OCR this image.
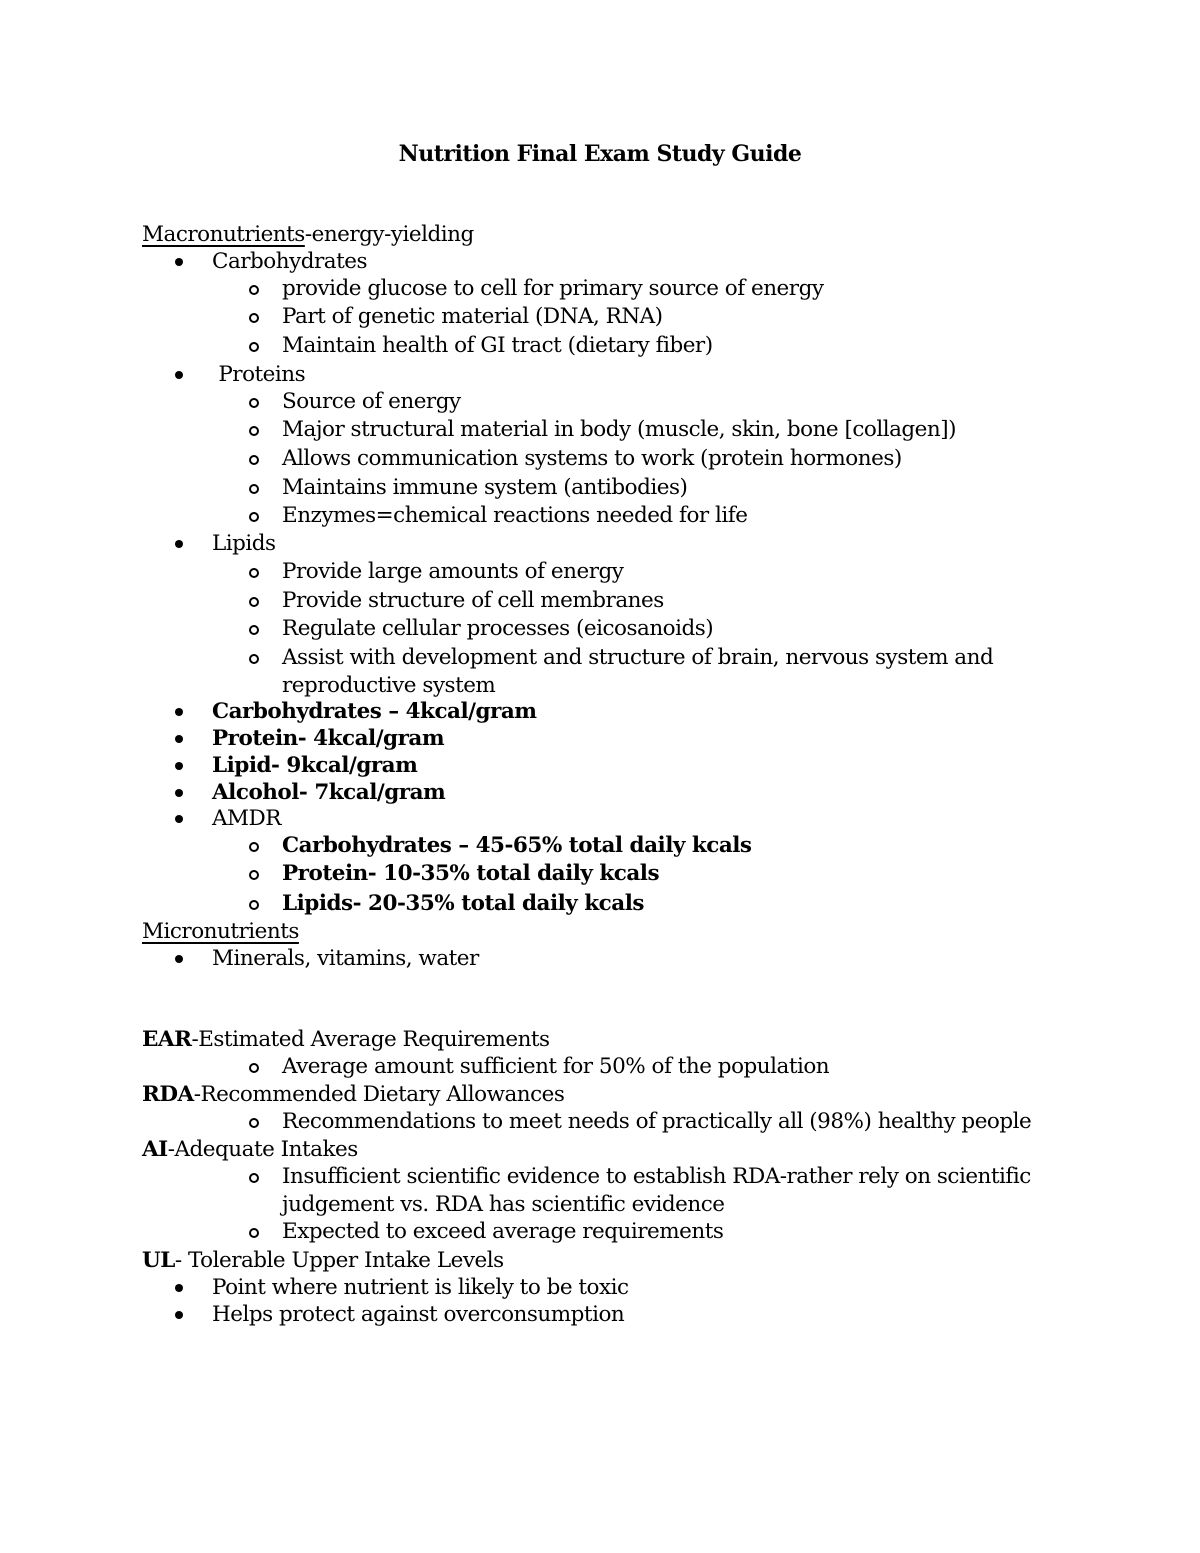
Nutrition Final Exam Study Guide
Macronutrients-energy-yielding
Carbohydrates
provide glucose to cell for primary source of energy
Part of genetic material (DNA, RNA)
Maintain health of GI tract (dietary fiber)
Proteins
Source of energy
Major structural material in body (muscle, skin, bone [collagen])
Allows communication systems to work (protein hormones)
Maintains immune system (antibodies)
Enzymes=chemical reactions needed for life
Lipids
Provide large amounts of energy
Provide structure of cell membranes
Regulate cellular processes (eicosanoids)
Assist with development and structure of brain, nervous system and
reproductive system
Carbohydrates – 4kcal/gram
Protein- 4kcal/gram
Lipid- 9kcal/gram
Alcohol- 7kcal/gram
AMDR
Carbohydrates – 45-65% total daily kcals
Protein- 10-35% total daily kcals
Lipids- 20-35% total daily kcals
Micronutrients
Minerals, vitamins, water
EAR-Estimated Average Requirements
Average amount sufficient for 50% of the population
RDA-Recommended Dietary Allowances
Recommendations to meet needs of practically all (98%) healthy people
AI-Adequate Intakes
Insufficient scientific evidence to establish RDA-rather rely on scientific
judgement vs. RDA has scientific evidence
Expected to exceed average requirements
UL- Tolerable Upper Intake Levels
Point where nutrient is likely to be toxic
Helps protect against overconsumption
